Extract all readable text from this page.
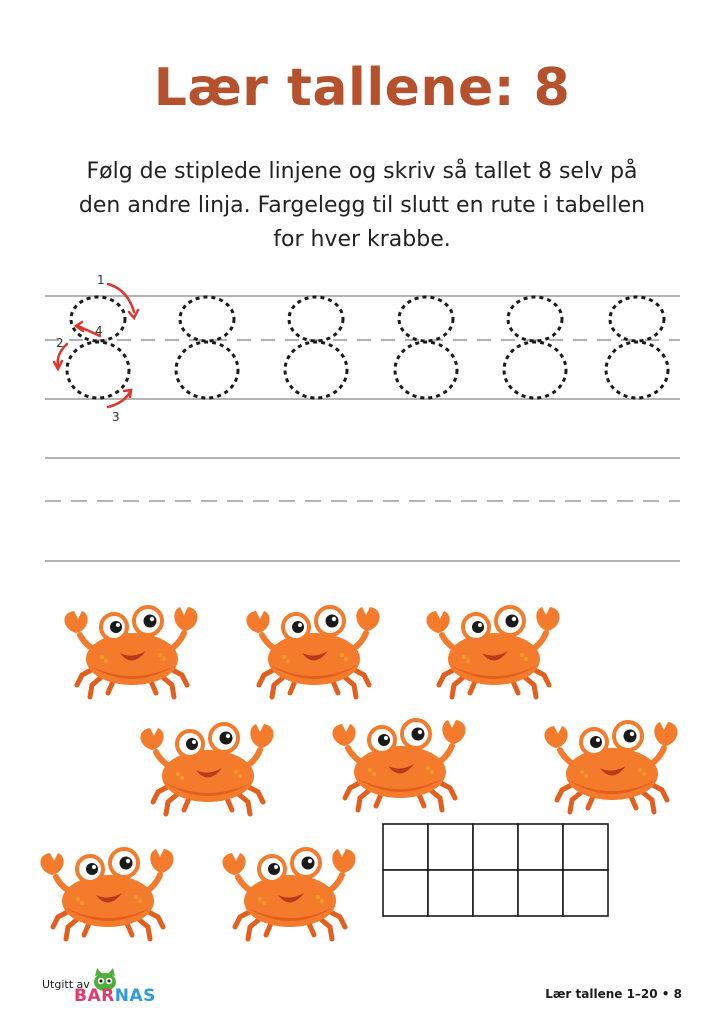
Lær tallene: 8

Følg de stiplede linjene og skriv så tallet 8 selv på
den andre linja. Fargelegg til slutt en rute i tabellen
for hver krabbe.

1
4
2
3
Utgitt av
BARNAS	Lær tallene 1–20 • 8
